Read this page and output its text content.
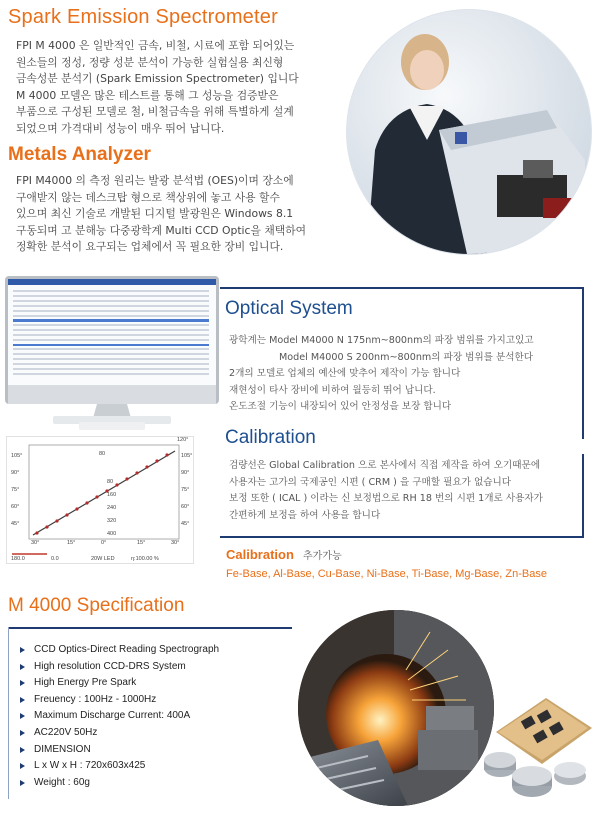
Spark Emission Spectrometer
FPI M 4000 은 일반적인 금속, 비철, 시료에 포함 되어있는
원소들의 정성, 정량 성분 분석이 가능한 실험실용 최신형
금속성분 분석기 (Spark Emission Spectrometer) 입니다
M 4000 모델은 많은 테스트를 통해 그 성능을 검증받은
부품으로 구성된 모델로 철, 비철금속을 위해 특별하게 설계
되었으며 가격대비 성능이 매우 뛰어 납니다.
Metals Analyzer
FPI M4000 의 측정 원리는 발광 분석법 (OES)이며 장소에
구애받지 않는 데스크탑 형으로 책상위에 놓고 사용 할수
있으며 최신 기술로 개발된 디지털 발광원은 Windows 8.1
구동되며 고 분해능 다중광학계 Multi CCD Optic을 채택하여
정확한 분석이 요구되는 업체에서 꼭 필요한 장비 입니다.
Optical System
광학계는 Model M4000 N 175nm~800nm의 파장 범위를 가지고있고
Model M4000 S 200nm~800nm의 파장 범위를 분석한다
2개의 모델로 업체의 예산에 맞추어 제작이 가능 합니다
재현성이 타사 장비에 비하여 월등히 뛰어 납니다.
온도조절 기능이 내장되어 있어 안정성을 보장 합니다
105°
90°
75°
60°
45°
120°
105°
90°
75°
60°
45°
80
80
160
240
320
400
30°	15°	0°	15°	30°
180.0	0.0	20W LED	η:100.00 %
Calibration
검량선은 Global Calibration 으로 본사에서 직접 제작을 하여 오기때문에
사용자는 고가의 국제공인 시편 ( CRM ) 을 구매할 필요가 없습니다
보정 또한 ( ICAL ) 이라는 신 보정법으로 RH 18 번의 시편 1개로 사용자가
간편하게 보정을 하여 사용을 합니다
Calibration 추가가능
Fe-Base, Al-Base, Cu-Base, Ni-Base, Ti-Base, Mg-Base, Zn-Base
M 4000 Specification
CCD Optics-Direct Reading Spectrograph
High resolution CCD-DRS System
High Energy Pre Spark
Freuency : 100Hz - 1000Hz
Maximum Discharge Current: 400A
AC220V 50Hz
DIMENSION
L x W x H : 720x603x425
Weight : 60g
